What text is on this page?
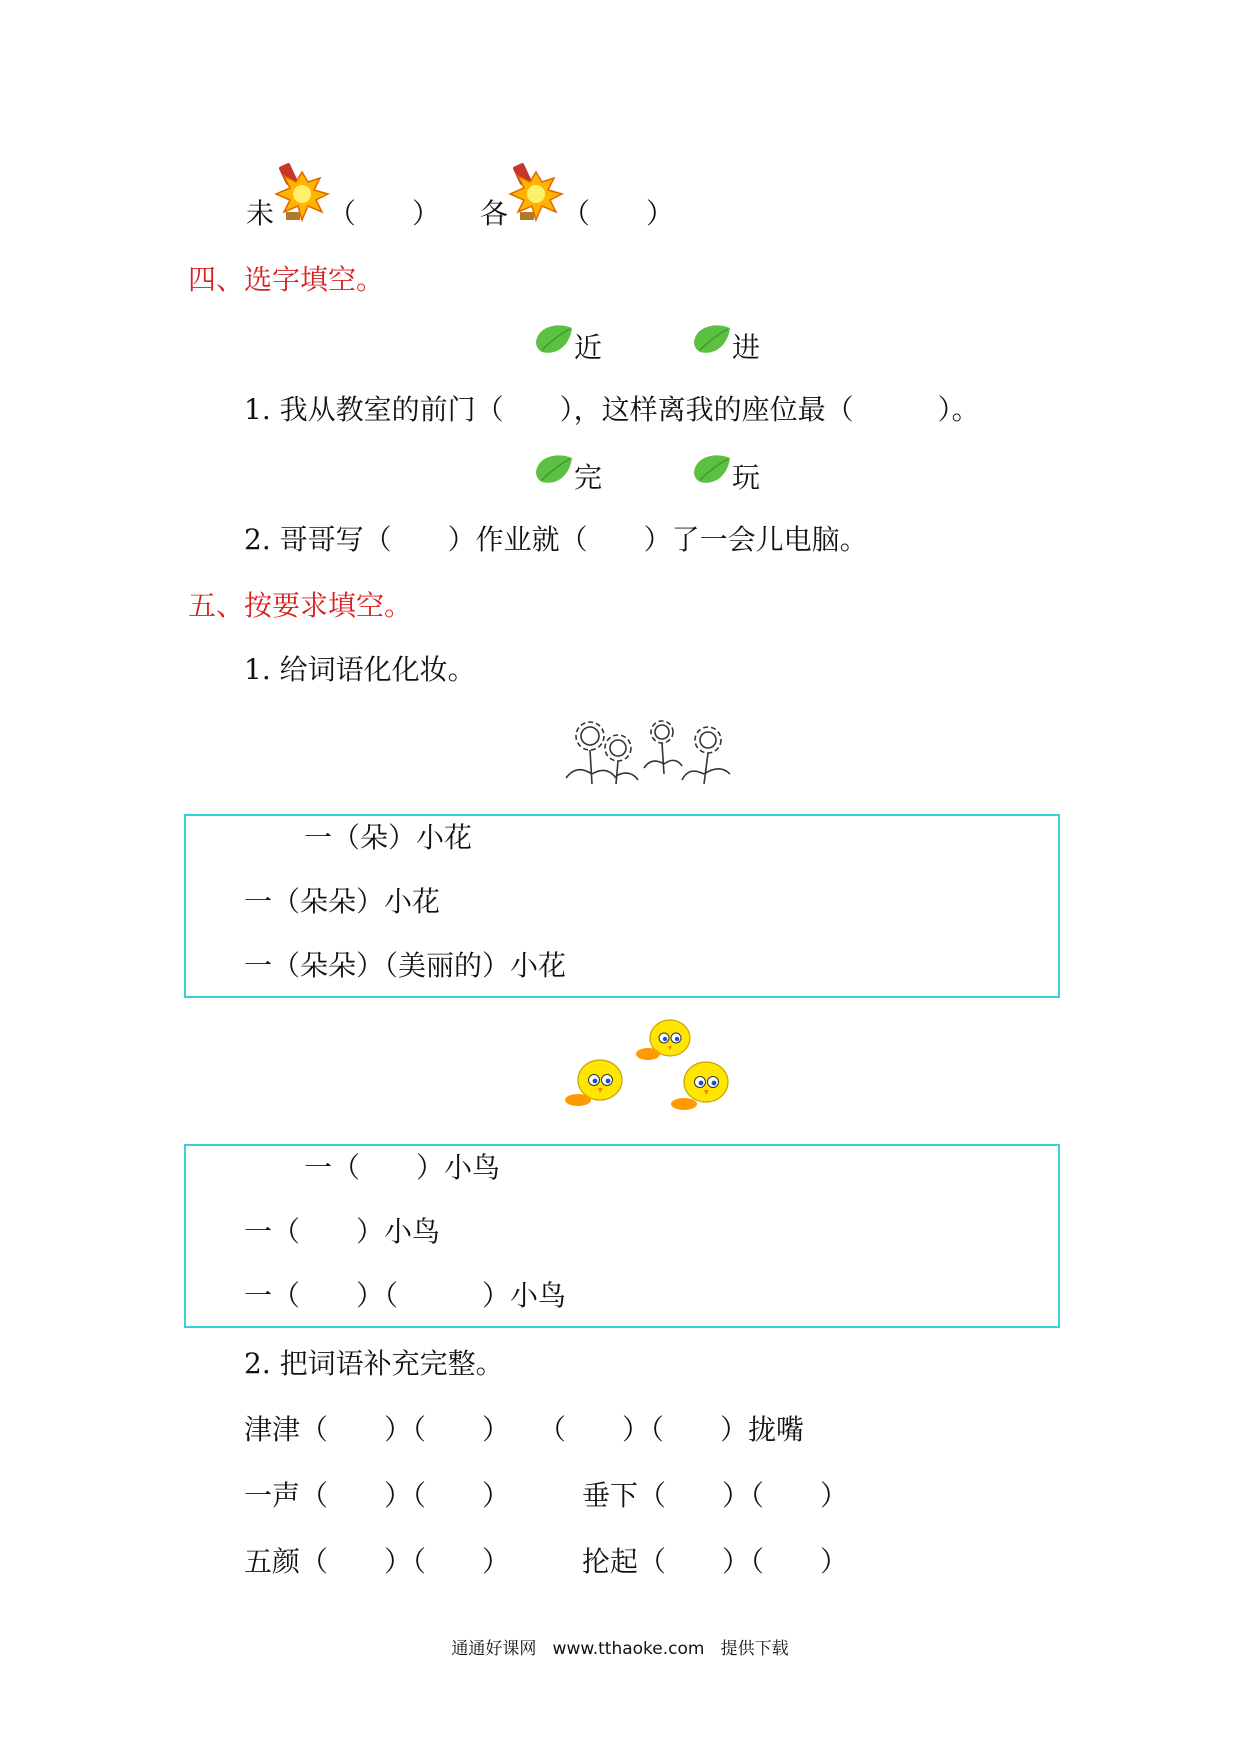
未 （　　） 各 （　　）
四、选字填空。
近	进
1. 我从教室的前门（　　），这样离我的座位最（　　　）。
完	玩
2. 哥哥写（　　）作业就（　　）了一会儿电脑。
五、按要求填空。
1. 给词语化化妆。
一（朵）小花
一（朵朵）小花
一（朵朵）（美丽的）小花
一（　　）小鸟
一（　　）小鸟
一（　　）（　　　）小鸟
2. 把词语补充完整。
津津（　　）（　　） （　　）（　　）拢嘴
一声（　　）（　　）	垂下（　　）（　　）
五颜（　　）（　　）	抡起（　　）（　　）
通通好课网   www.tthaoke.com   提供下载
